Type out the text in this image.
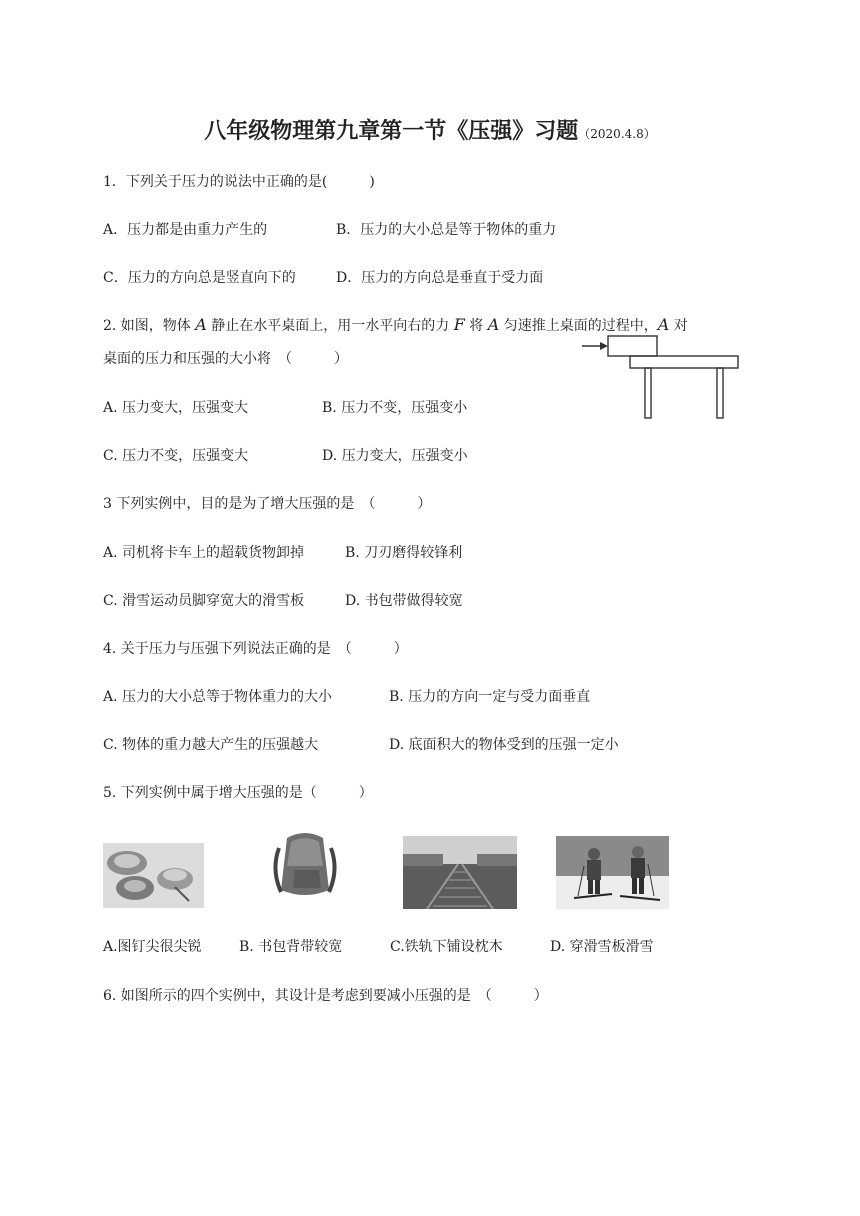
八年级物理第九章第一节《压强》习题（2020.4.8）
1．下列关于压力的说法中正确的是(　　　)
A．压力都是由重力产生的	B．压力的大小总是等于物体的重力
C．压力的方向总是竖直向下的	D．压力的方向总是垂直于受力面
2. 如图，物体 A 静止在水平桌面上，用一水平向右的力 F 将 A 匀速推上桌面的过程中，A 对
桌面的压力和压强的大小将　（　　　）
A. 压力变大，压强变大	B. 压力不变，压强变小
C. 压力不变，压强变大	D. 压力变大，压强变小
3 下列实例中，目的是为了增大压强的是　（　　　）
A. 司机将卡车上的超载货物卸掉	B. 刀刃磨得较锋利
C. 滑雪运动员脚穿宽大的滑雪板	D. 书包带做得较宽
4. 关于压力与压强下列说法正确的是　（　　　）
A. 压力的大小总等于物体重力的大小	B. 压力的方向一定与受力面垂直
C. 物体的重力越大产生的压强越大	D. 底面积大的物体受到的压强一定小
5. 下列实例中属于增大压强的是（　　　）
A.图钉尖很尖锐	B. 书包背带较宽	C.铁轨下铺设枕木	D. 穿滑雪板滑雪
6. 如图所示的四个实例中，其设计是考虑到要减小压强的是　（　　　）
